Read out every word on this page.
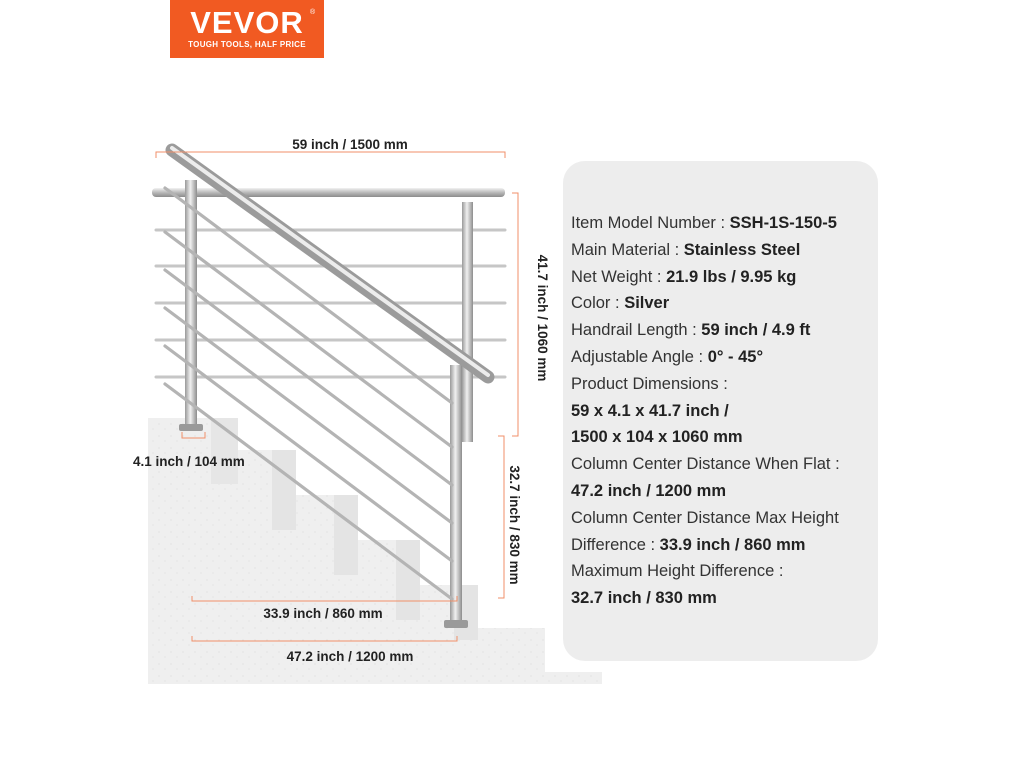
VEVOR ®
TOUGH TOOLS, HALF PRICE
59 inch / 1500 mm
41.7 inch / 1060 mm
4.1 inch / 104 mm
32.7 inch / 830 mm
33.9 inch / 860 mm
47.2 inch / 1200 mm
Item Model Number : SSH-1S-150-5
Main Material : Stainless Steel
Net Weight : 21.9 lbs / 9.95 kg
Color : Silver
Handrail Length : 59 inch / 4.9 ft
Adjustable Angle : 0° - 45°
Product Dimensions :
59 x 4.1 x 41.7 inch /
1500 x 104 x 1060 mm
Column Center Distance When Flat :
47.2 inch / 1200 mm
Column Center Distance Max Height
Difference : 33.9 inch / 860 mm
Maximum Height Difference :
32.7 inch / 830 mm
